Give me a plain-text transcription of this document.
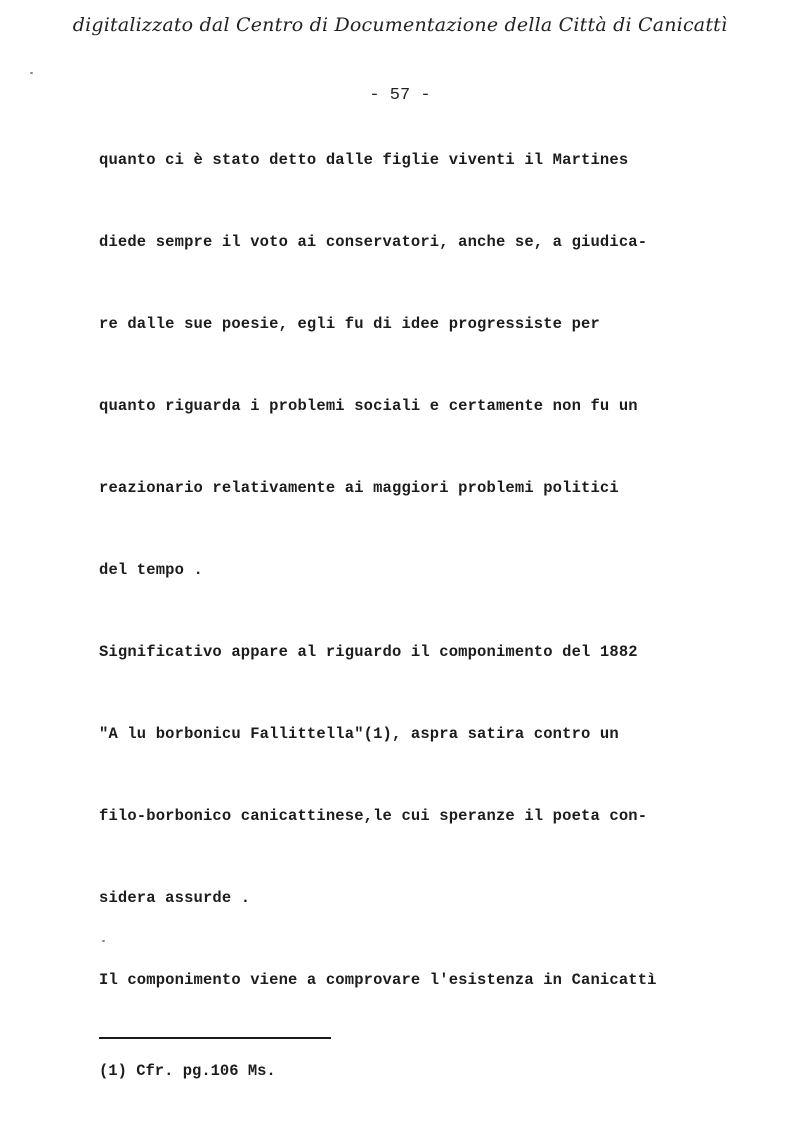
digitalizzato dal Centro di Documentazione della Città di Canicattì
- 57 -
quanto ci è stato detto dalle figlie viventi il Martines
diede sempre il voto ai conservatori, anche se, a giudica-
re dalle sue poesie, egli fu di idee progressiste per
quanto riguarda i problemi sociali e certamente non fu un
reazionario relativamente ai maggiori problemi politici
del tempo .
Significativo appare al riguardo il componimento del 1882
"A lu borbonicu Fallittella"(1), aspra satira contro un
filo-borbonico canicattinese,le cui speranze il poeta con-
sidera assurde .
Il componimento viene a comprovare l'esistenza in Canicattì
(1) Cfr. pg.106 Ms.
